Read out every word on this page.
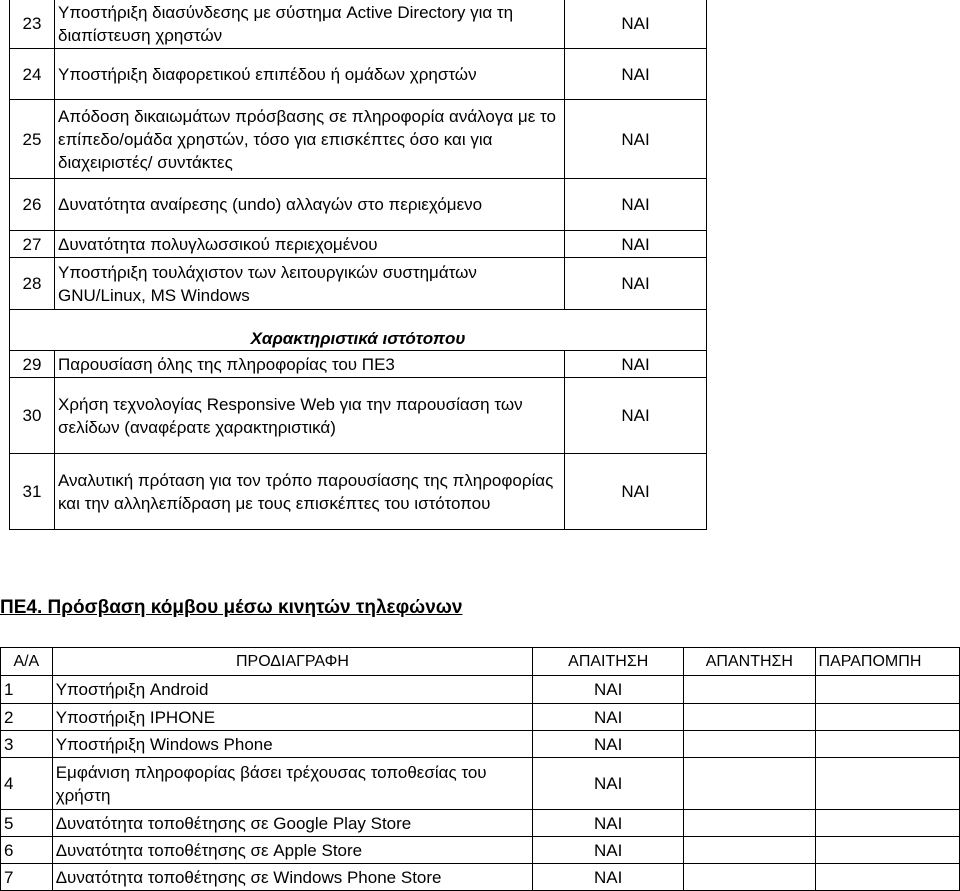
23	Υποστήριξη διασύνδεσης με σύστημα Active Directory για τη διαπίστευση χρηστών	ΝΑΙ
24	Υποστήριξη διαφορετικού επιπέδου ή ομάδων χρηστών	ΝΑΙ
25	Απόδοση δικαιωμάτων πρόσβασης σε πληροφορία ανάλογα με το επίπεδο/ομάδα χρηστών, τόσο για επισκέπτες όσο και για διαχειριστές/ συντάκτες	ΝΑΙ
26	Δυνατότητα αναίρεσης (undo) αλλαγών στο περιεχόμενο	ΝΑΙ
27	Δυνατότητα πολυγλωσσικού περιεχομένου	ΝΑΙ
28	Υποστήριξη τουλάχιστον των λειτουργικών συστημάτων GNU/Linux, MS Windows	ΝΑΙ
Χαρακτηριστικά ιστότοπου		
29	Παρουσίαση όλης της πληροφορίας του ΠΕ3	ΝΑΙ
30	Χρήση τεχνολογίας Responsive Web για την παρουσίαση των σελίδων (αναφέρατε χαρακτηριστικά)	ΝΑΙ
31	Αναλυτική πρόταση για τον τρόπο παρουσίασης της πληροφορίας και την αλληλεπίδραση με τους επισκέπτες του ιστότοπου	ΝΑΙ
ΠΕ4. Πρόσβαση κόμβου μέσω κινητών τηλεφώνων
Α/Α	ΠΡΟΔΙΑΓΡΑΦΗ	ΑΠΑΙΤΗΣΗ	ΑΠΑΝΤΗΣΗ	ΠΑΡΑΠΟΜΠΗ
1	Υποστήριξη Android	ΝΑΙ		
2	Υποστήριξη IPHONE	ΝΑΙ		
3	Υποστήριξη Windows Phone	ΝΑΙ		
4	Εμφάνιση πληροφορίας βάσει τρέχουσας τοποθεσίας του χρήστη	ΝΑΙ		
5	Δυνατότητα τοποθέτησης σε Google Play Store	ΝΑΙ		
6	Δυνατότητα τοποθέτησης σε Apple Store	ΝΑΙ		
7	Δυνατότητα τοποθέτησης σε Windows Phone Store	ΝΑΙ		
